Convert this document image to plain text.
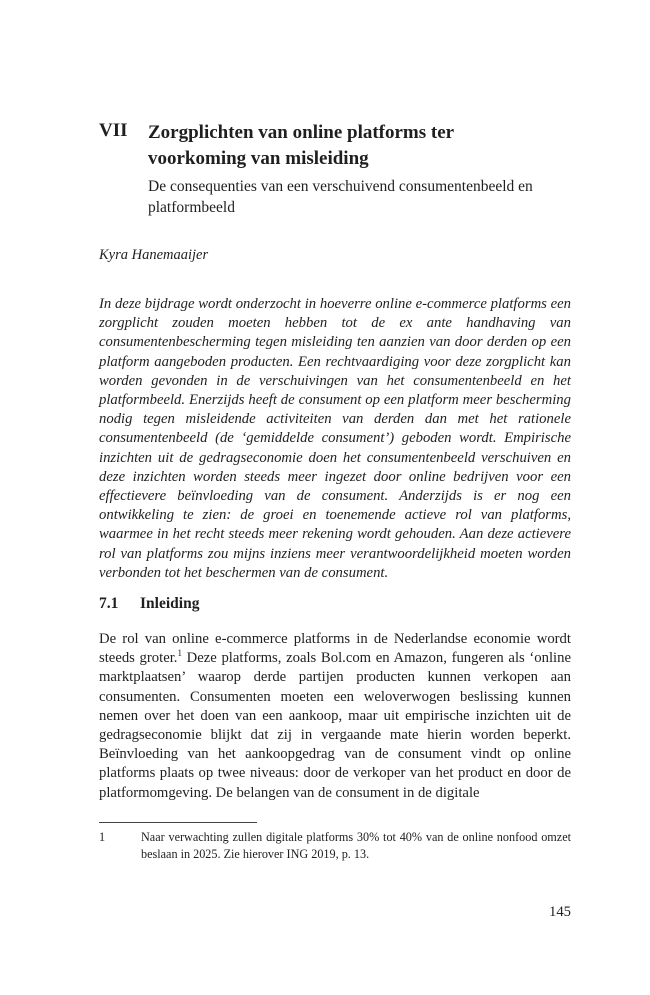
VII Zorgplichten van online platforms ter voorkoming van misleiding

De consequenties van een verschuivend consumentenbeeld en platformbeeld

Kyra Hanemaaijer

In deze bijdrage wordt onderzocht in hoeverre online e-commerce platforms een zorgplicht zouden moeten hebben tot de ex ante handhaving van consumentenbescherming tegen misleiding ten aanzien van door derden op een platform aangeboden producten. Een rechtvaardiging voor deze zorgplicht kan worden gevonden in de verschuivingen van het consumentenbeeld en het platformbeeld. Enerzijds heeft de consument op een platform meer bescherming nodig tegen misleidende activiteiten van derden dan met het rationele consumentenbeeld (de ‘gemiddelde consument’) geboden wordt. Empirische inzichten uit de gedragseconomie doen het consumentenbeeld verschuiven en deze inzichten worden steeds meer ingezet door online bedrijven voor een effectievere beïnvloeding van de consument. Anderzijds is er nog een ontwikkeling te zien: de groei en toenemende actieve rol van platforms, waarmee in het recht steeds meer rekening wordt gehouden. Aan deze actievere rol van platforms zou mijns inziens meer verantwoordelijkheid moeten worden verbonden tot het beschermen van de consument.

7.1 Inleiding

De rol van online e-commerce platforms in de Nederlandse economie wordt steeds groter.$^1$ Deze platforms, zoals Bol.com en Amazon, fungeren als ‘online marktplaatsen’ waarop derde partijen producten kunnen verkopen aan consumenten. Consumenten moeten een weloverwogen beslissing kunnen nemen over het doen van een aankoop, maar uit empirische inzichten uit de gedragseconomie blijkt dat zij in vergaande mate hierin worden beperkt. Beïnvloeding van het aankoopgedrag van de consument vindt op online platforms plaats op twee niveaus: door de verkoper van het product en door de platformomgeving. De belangen van de consument in de digitale

1	Naar verwachting zullen digitale platforms 30% tot 40% van de online nonfood omzet beslaan in 2025. Zie hierover ING 2019, p. 13.

145
